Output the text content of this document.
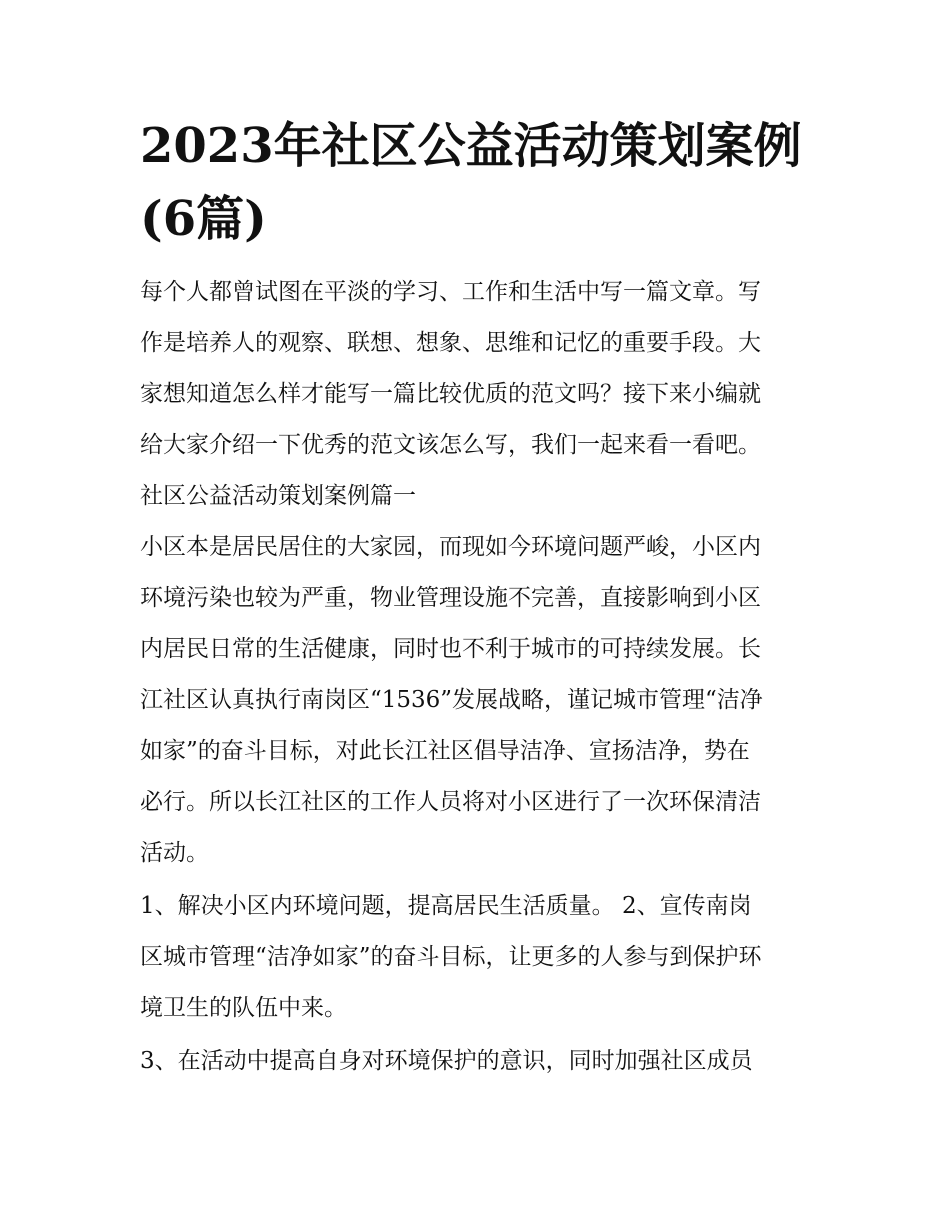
2023年社区公益活动策划案例
(6篇)

每个人都曾试图在平淡的学习、工作和生活中写一篇文章。写
作是培养人的观察、联想、想象、思维和记忆的重要手段。大
家想知道怎么样才能写一篇比较优质的范文吗？接下来小编就
给大家介绍一下优秀的范文该怎么写，我们一起来看一看吧。

社区公益活动策划案例篇一

小区本是居民居住的大家园，而现如今环境问题严峻，小区内
环境污染也较为严重，物业管理设施不完善，直接影响到小区
内居民日常的生活健康，同时也不利于城市的可持续发展。长
江社区认真执行南岗区“1536”发展战略，谨记城市管理“洁净
如家”的奋斗目标，对此长江社区倡导洁净、宣扬洁净，势在
必行。所以长江社区的工作人员将对小区进行了一次环保清洁
活动。

1、解决小区内环境问题，提高居民生活质量。 2、宣传南岗
区城市管理“洁净如家”的奋斗目标，让更多的人参与到保护环
境卫生的队伍中来。

3、在活动中提高自身对环境保护的意识，同时加强社区成员
